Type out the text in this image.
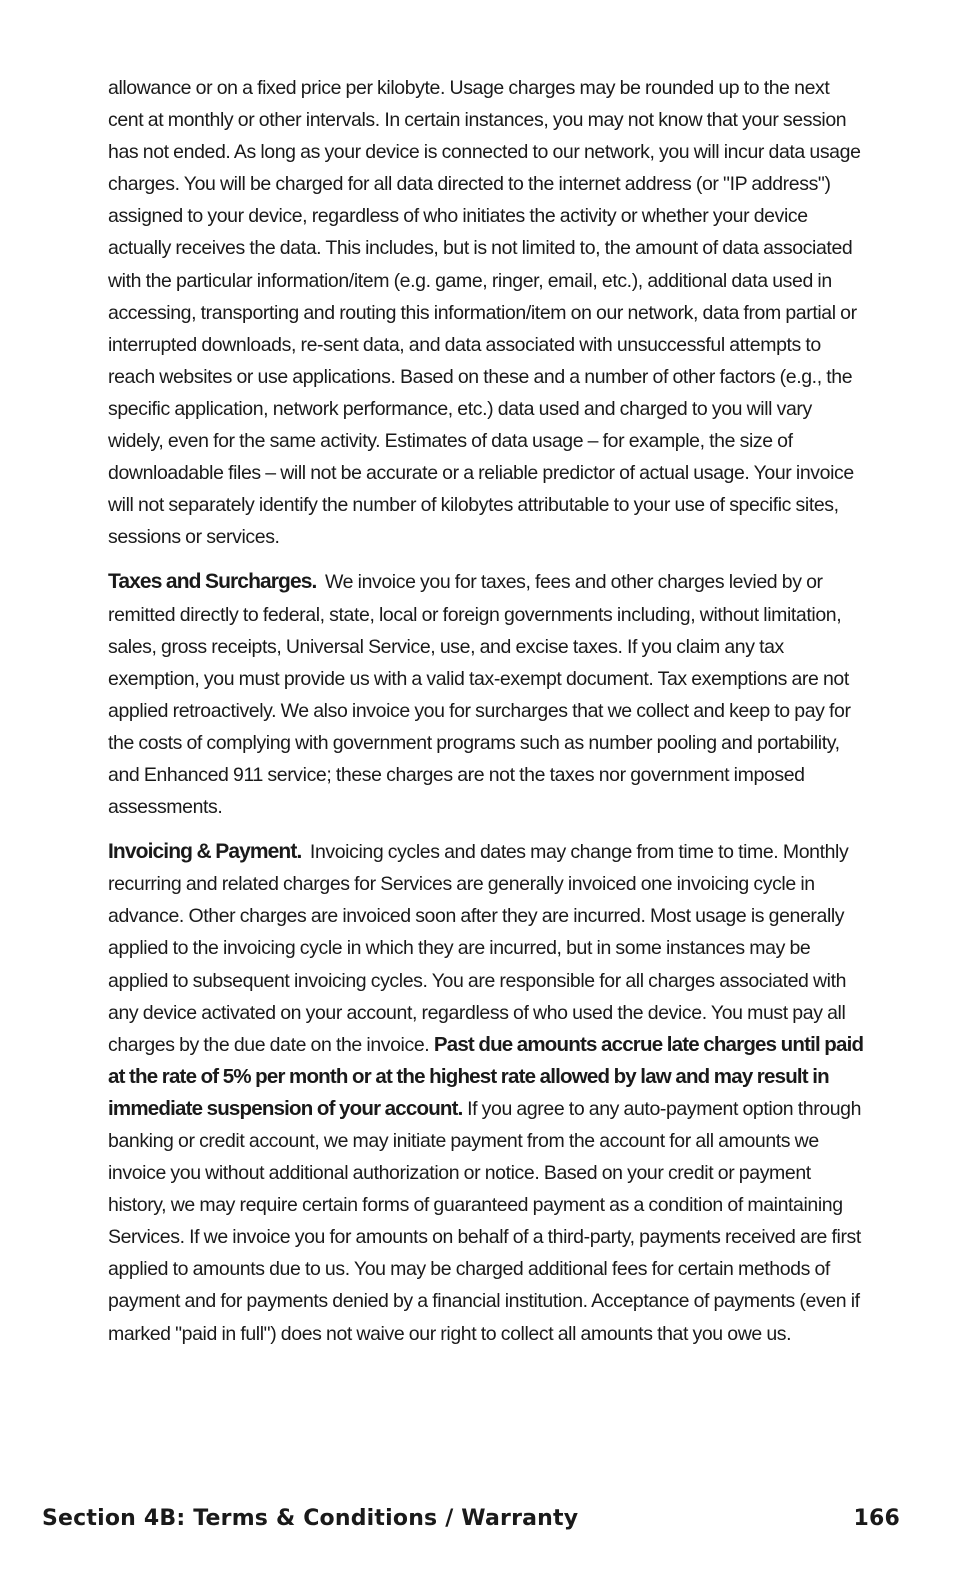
allowance or on a fixed price per kilobyte. Usage charges may be rounded up to the next cent at monthly or other intervals. In certain instances, you may not know that your session has not ended. As long as your device is connected to our network, you will incur data usage charges. You will be charged for all data directed to the internet address (or "IP address") assigned to your device, regardless of who initiates the activity or whether your device actually receives the data. This includes, but is not limited to, the amount of data associated with the particular information/item (e.g. game, ringer, email, etc.), additional data used in accessing, transporting and routing this information/item on our network, data from partial or interrupted downloads, re-sent data, and data associated with unsuccessful attempts to reach websites or use applications. Based on these and a number of other factors (e.g., the specific application, network performance, etc.) data used and charged to you will vary widely, even for the same activity. Estimates of data usage – for example, the size of downloadable files – will not be accurate or a reliable predictor of actual usage. Your invoice will not separately identify the number of kilobytes attributable to your use of specific sites, sessions or services.

Taxes and Surcharges. We invoice you for taxes, fees and other charges levied by or remitted directly to federal, state, local or foreign governments including, without limitation, sales, gross receipts, Universal Service, use, and excise taxes. If you claim any tax exemption, you must provide us with a valid tax-exempt document. Tax exemptions are not applied retroactively. We also invoice you for surcharges that we collect and keep to pay for the costs of complying with government programs such as number pooling and portability, and Enhanced 911 service; these charges are not the taxes nor government imposed assessments.

Invoicing & Payment. Invoicing cycles and dates may change from time to time. Monthly recurring and related charges for Services are generally invoiced one invoicing cycle in advance. Other charges are invoiced soon after they are incurred. Most usage is generally applied to the invoicing cycle in which they are incurred, but in some instances may be applied to subsequent invoicing cycles. You are responsible for all charges associated with any device activated on your account, regardless of who used the device. You must pay all charges by the due date on the invoice. Past due amounts accrue late charges until paid at the rate of 5% per month or at the highest rate allowed by law and may result in immediate suspension of your account. If you agree to any auto-payment option through banking or credit account, we may initiate payment from the account for all amounts we invoice you without additional authorization or notice. Based on your credit or payment history, we may require certain forms of guaranteed payment as a condition of maintaining Services. If we invoice you for amounts on behalf of a third-party, payments received are first applied to amounts due to us. You may be charged additional fees for certain methods of payment and for payments denied by a financial institution. Acceptance of payments (even if marked "paid in full") does not waive our right to collect all amounts that you owe us.

Section 4B: Terms & Conditions / Warranty	166
